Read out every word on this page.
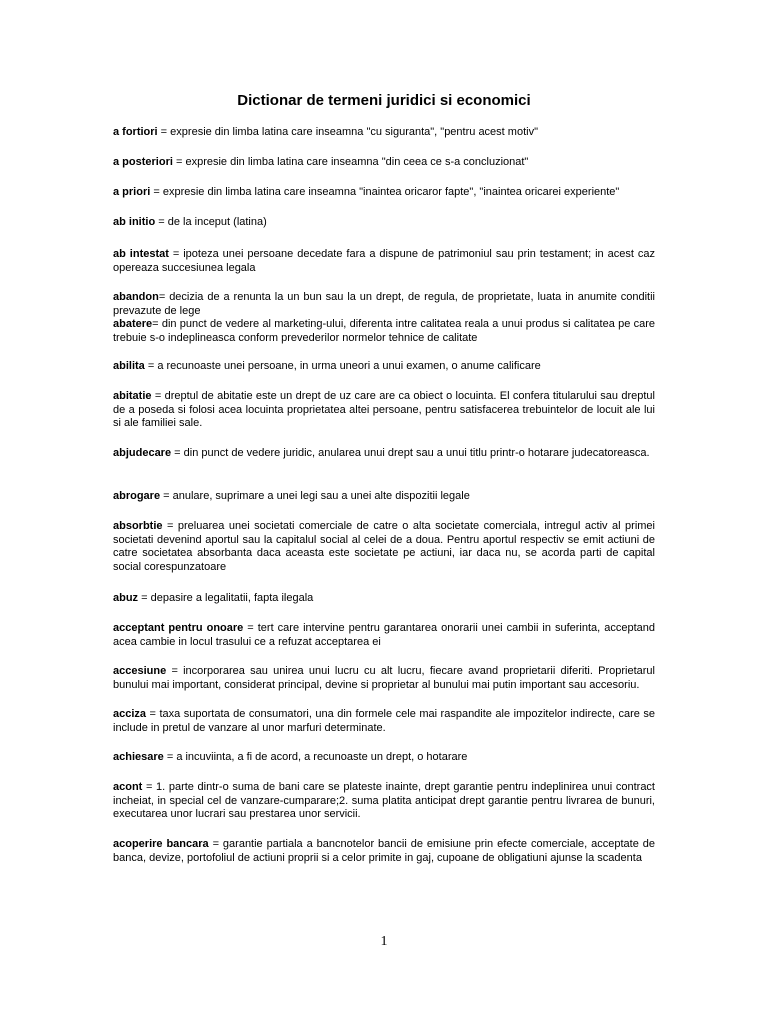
Dictionar de termeni juridici si economici

a fortiori = expresie din limba latina care inseamna "cu siguranta", "pentru acest motiv"

a posteriori = expresie din limba latina care inseamna "din ceea ce s-a concluzionat"

a priori = expresie din limba latina care inseamna "inaintea oricaror fapte", "inaintea oricarei experiente"

ab initio = de la inceput (latina)

ab intestat = ipoteza unei persoane decedate fara a dispune de patrimoniul sau prin testament; in acest caz opereaza succesiunea legala

abandon= decizia de a renunta la un bun sau la un drept, de regula, de proprietate, luata in anumite conditii prevazute de lege

abatere= din punct de vedere al marketing-ului, diferenta intre calitatea reala a unui produs si calitatea pe care trebuie s-o indeplineasca conform prevederilor normelor tehnice de calitate

abilita = a recunoaste unei persoane, in urma uneori a unui examen, o anume calificare

abitatie = dreptul de abitatie este un drept de uz care are ca obiect o locuinta. El confera titularului sau dreptul de a poseda si folosi acea locuinta proprietatea altei persoane, pentru satisfacerea trebuintelor de locuit ale lui si ale familiei sale.

abjudecare = din punct de vedere juridic, anularea unui drept sau a unui titlu printr-o hotarare judecatoreasca.

abrogare = anulare, suprimare a unei legi sau a unei alte dispozitii legale

absorbtie = preluarea unei societati comerciale de catre o alta societate comerciala, intregul activ al primei societati devenind aportul sau la capitalul social al celei de a doua. Pentru aportul respectiv se emit actiuni de catre societatea absorbanta daca aceasta este societate pe actiuni, iar daca nu, se acorda parti de capital social corespunzatoare

abuz = depasire a legalitatii, fapta ilegala

acceptant pentru onoare = tert care intervine pentru garantarea onorarii unei cambii in suferinta, acceptand acea cambie in locul trasului ce a refuzat acceptarea ei

accesiune = incorporarea sau unirea unui lucru cu alt lucru, fiecare avand proprietarii diferiti. Proprietarul bunului mai important, considerat principal, devine si proprietar al bunului mai putin important sau accesoriu.

acciza = taxa suportata de consumatori, una din formele cele mai raspandite ale impozitelor indirecte, care se include in pretul de vanzare al unor marfuri determinate.

achiesare = a incuviinta, a fi de acord, a recunoaste un drept, o hotarare

acont = 1. parte dintr-o suma de bani care se plateste inainte, drept garantie pentru indeplinirea unui contract incheiat, in special cel de vanzare-cumparare;2. suma platita anticipat drept garantie pentru livrarea de bunuri, executarea unor lucrari sau prestarea unor servicii.

acoperire bancara = garantie partiala a bancnotelor bancii de emisiune prin efecte comerciale, acceptate de banca, devize, portofoliul de actiuni proprii si a celor primite in gaj, cupoane de obligatiuni ajunse la scadenta

1
